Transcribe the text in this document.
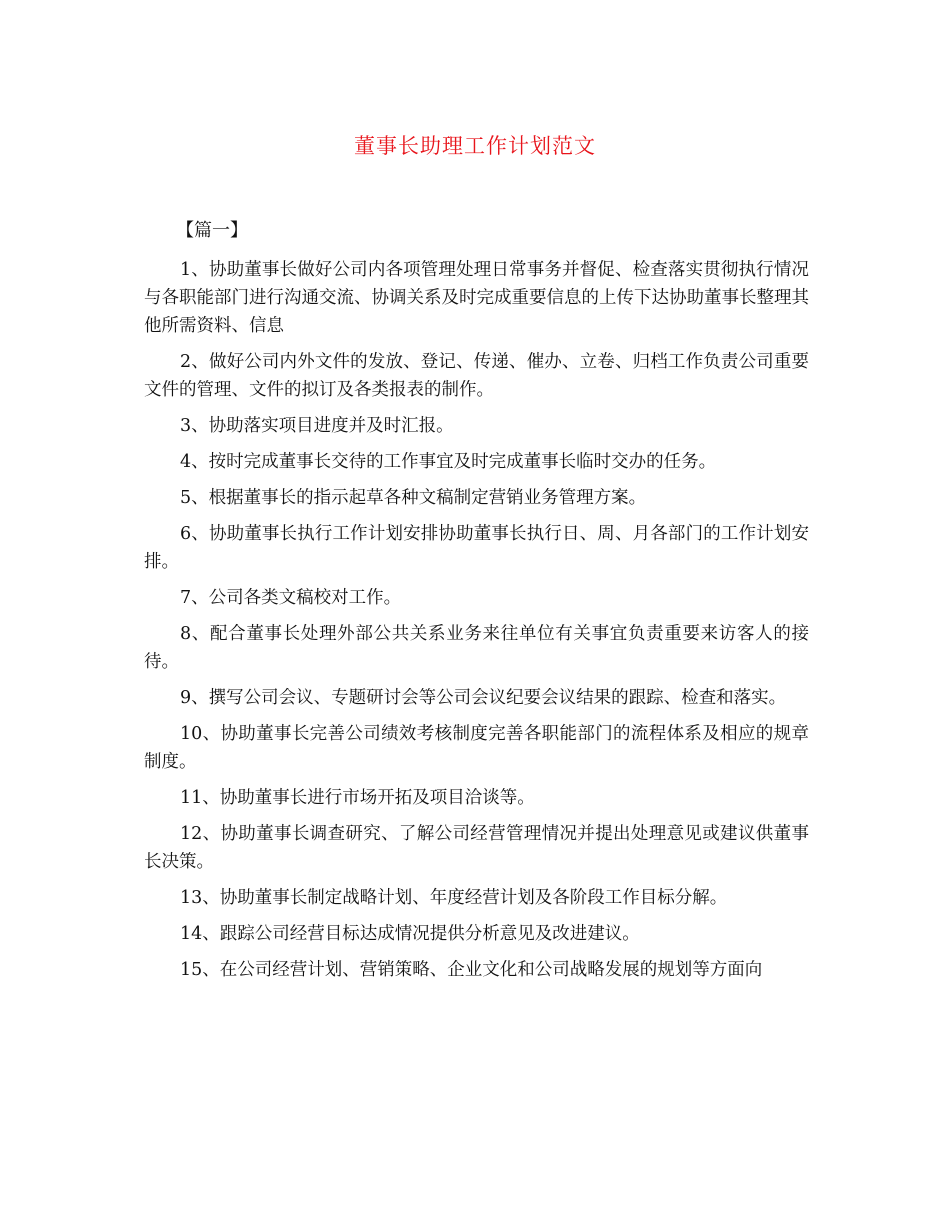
董事长助理工作计划范文
【篇一】

1、协助董事长做好公司内各项管理处理日常事务并督促、检查落实贯彻执行情况与各职能部门进行沟通交流、协调关系及时完成重要信息的上传下达协助董事长整理其他所需资料、信息

2、做好公司内外文件的发放、登记、传递、催办、立卷、归档工作负责公司重要文件的管理、文件的拟订及各类报表的制作。

3、协助落实项目进度并及时汇报。

4、按时完成董事长交待的工作事宜及时完成董事长临时交办的任务。

5、根据董事长的指示起草各种文稿制定营销业务管理方案。

6、协助董事长执行工作计划安排协助董事长执行日、周、月各部门的工作计划安排。

7、公司各类文稿校对工作。

8、配合董事长处理外部公共关系业务来往单位有关事宜负责重要来访客人的接待。

9、撰写公司会议、专题研讨会等公司会议纪要会议结果的跟踪、检查和落实。

10、协助董事长完善公司绩效考核制度完善各职能部门的流程体系及相应的规章制度。

11、协助董事长进行市场开拓及项目洽谈等。

12、协助董事长调查研究、了解公司经营管理情况并提出处理意见或建议供董事长决策。

13、协助董事长制定战略计划、年度经营计划及各阶段工作目标分解。

14、跟踪公司经营目标达成情况提供分析意见及改进建议。

15、在公司经营计划、营销策略、企业文化和公司战略发展的规划等方面向
